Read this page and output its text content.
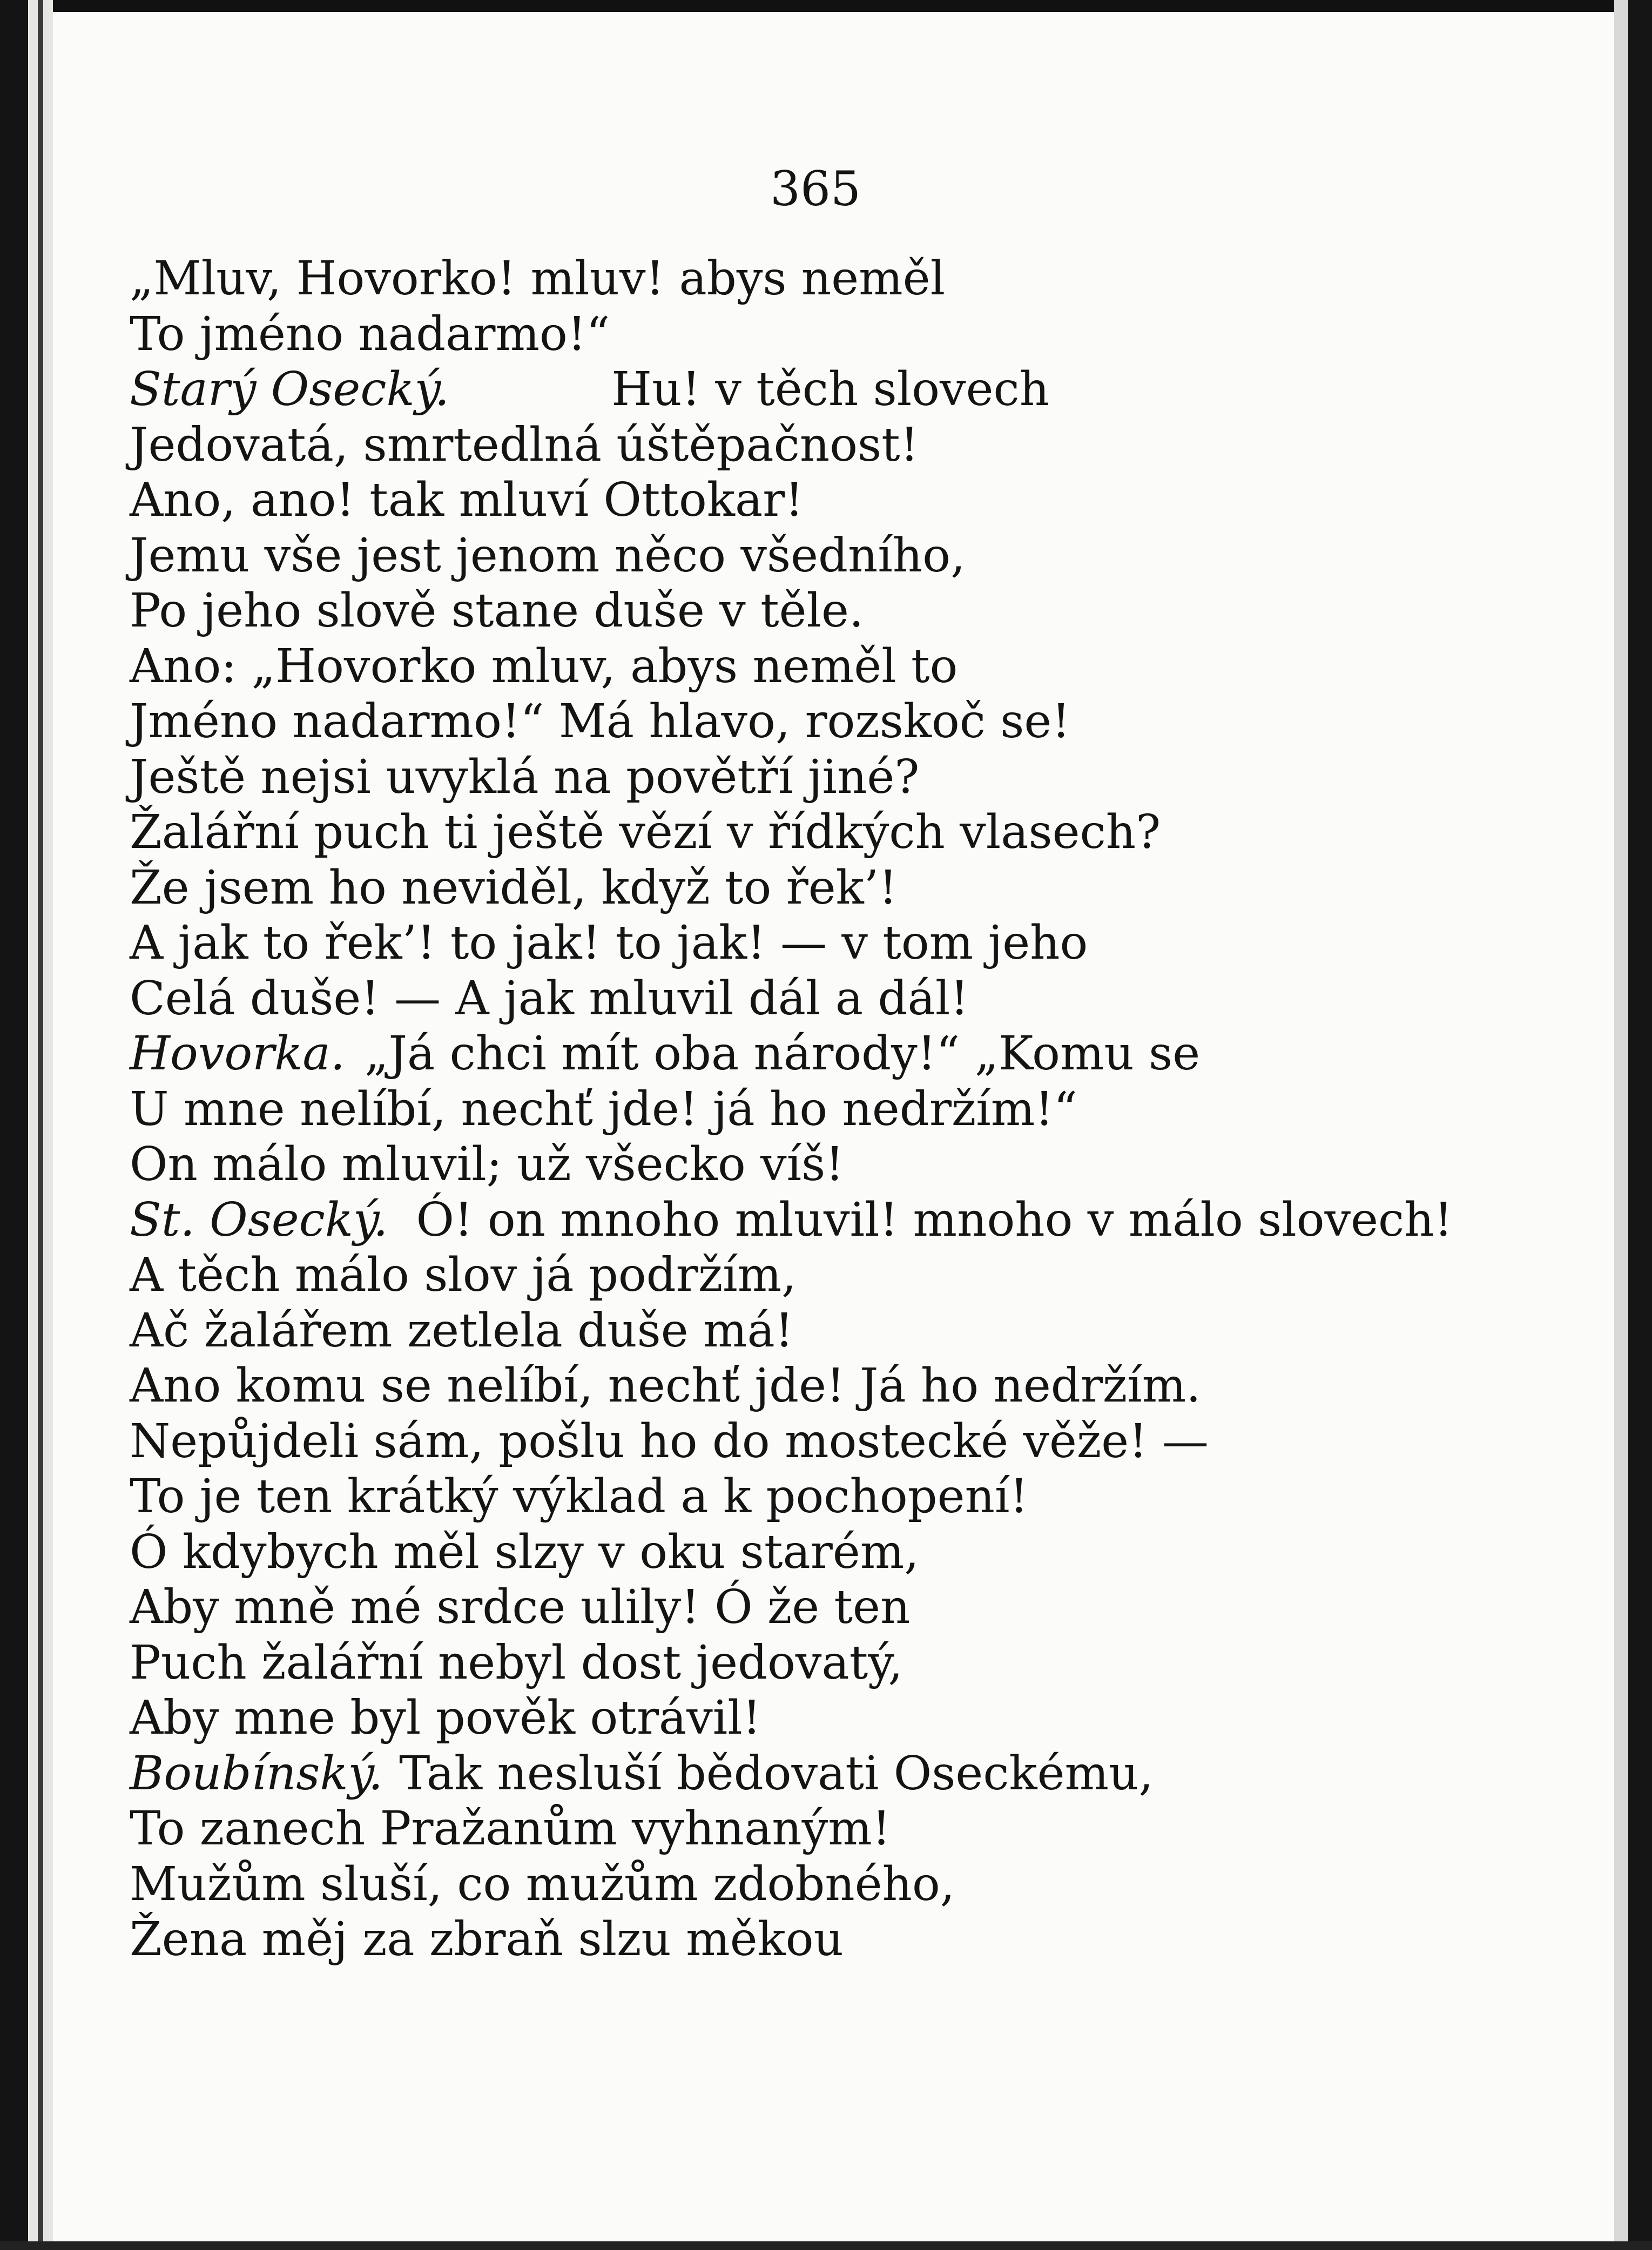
365
„Mluv, Hovorko! mluv! abys neměl
To jméno nadarmo!“
Starý Osecký.	Hu! v těch slovech
Jedovatá, smrtedlná úštěpačnost!
Ano, ano! tak mluví Ottokar!
Jemu vše jest jenom něco všedního,
Po jeho slově stane duše v těle.
Ano: „Hovorko mluv, abys neměl to
Jméno nadarmo!“ Má hlavo, rozskoč se!
Ještě nejsi uvyklá na povětří jiné?
Žalářní puch ti ještě vězí v řídkých vlasech?
Že jsem ho neviděl, když to řek’!
A jak to řek’! to jak! to jak! — v tom jeho
Celá duše! — A jak mluvil dál a dál!
Hovorka. „Já chci mít oba národy!“ „Komu se
U mne nelíbí, nechť jde! já ho nedržím!“
On málo mluvil; už všecko víš!
St. Osecký. Ó! on mnoho mluvil! mnoho v málo slovech!
A těch málo slov já podržím,
Ač žalářem zetlela duše má!
Ano komu se nelíbí, nechť jde! Já ho nedržím.
Nepůjdeli sám, pošlu ho do mostecké věže! —
To je ten krátký výklad a k pochopení!
Ó kdybych měl slzy v oku starém,
Aby mně mé srdce ulily! Ó že ten
Puch žalářní nebyl dost jedovatý,
Aby mne byl pověk otrávil!
Boubínský. Tak nesluší bědovati Oseckému,
To zanech Pražanům vyhnaným!
Mužům sluší, co mužům zdobného,
Žena měj za zbraň slzu měkou
